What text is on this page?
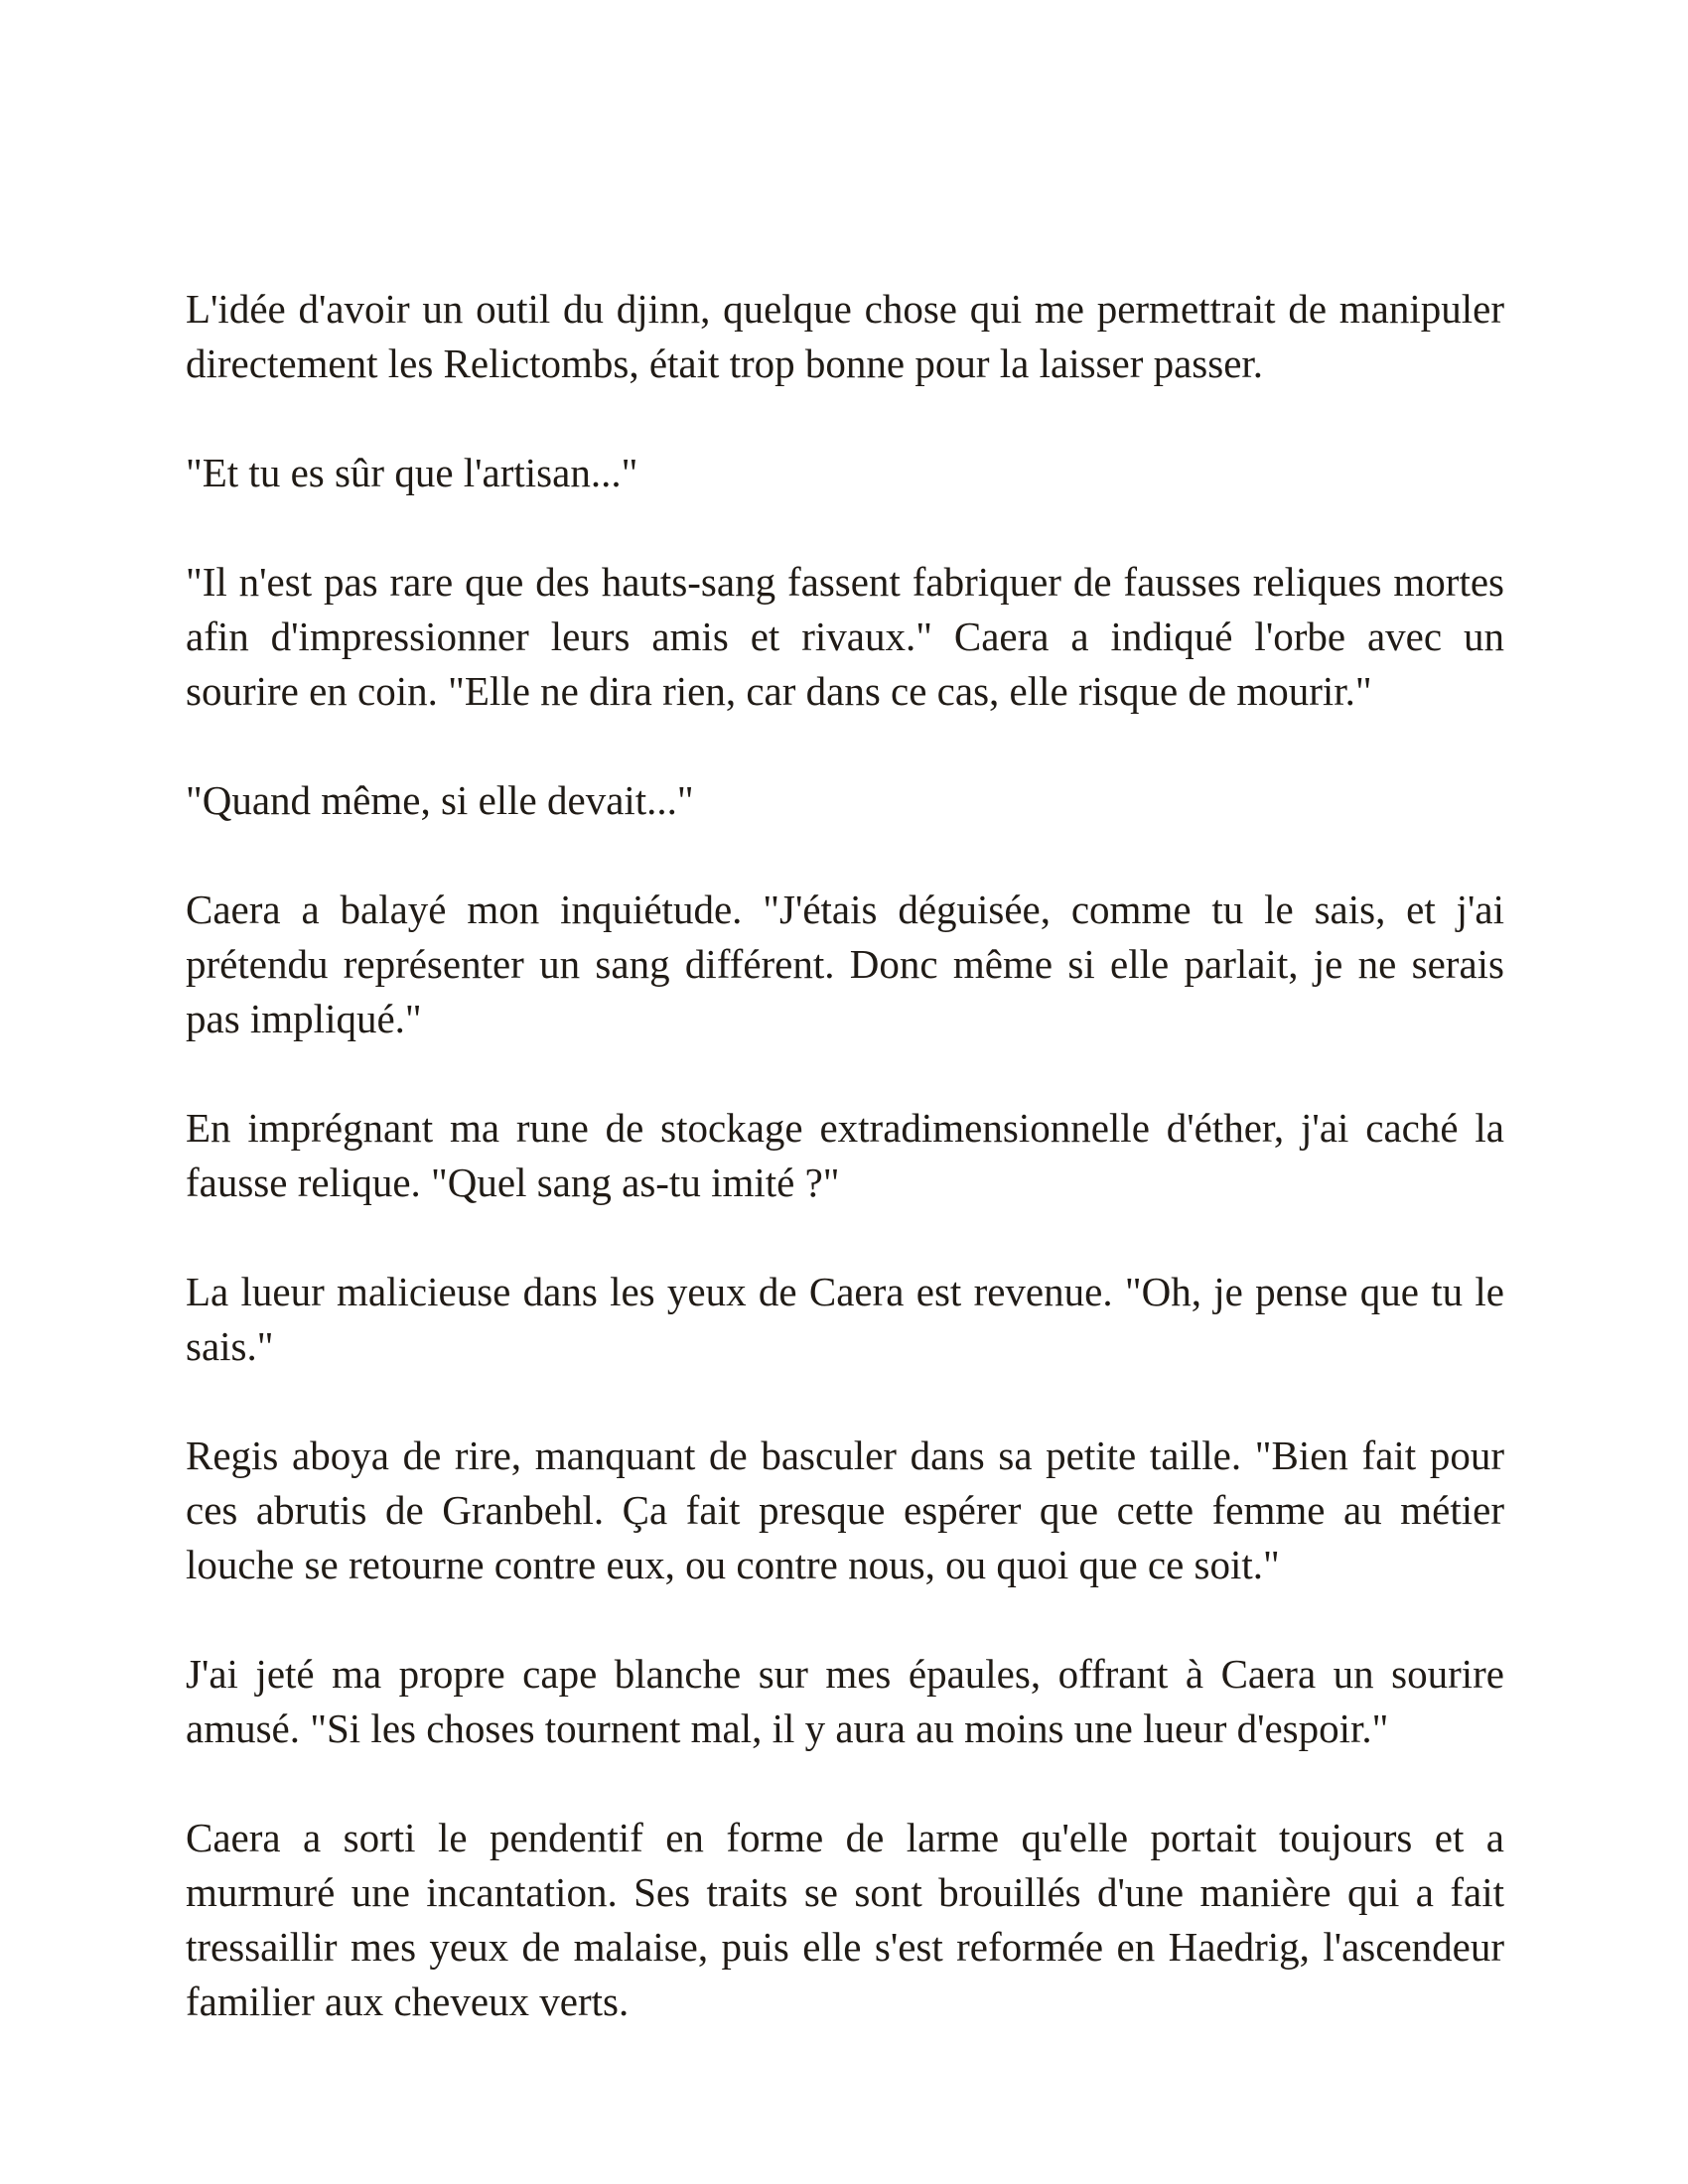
L'idée d'avoir un outil du djinn, quelque chose qui me permettrait de manipuler
directement les Relictombs, était trop bonne pour la laisser passer.
"Et tu es sûr que l'artisan..."
"Il n'est pas rare que des hauts-sang fassent fabriquer de fausses reliques mortes
afin d'impressionner leurs amis et rivaux." Caera a indiqué l'orbe avec un
sourire en coin. "Elle ne dira rien, car dans ce cas, elle risque de mourir."
"Quand même, si elle devait..."
Caera a balayé mon inquiétude. "J'étais déguisée, comme tu le sais, et j'ai
prétendu représenter un sang différent. Donc même si elle parlait, je ne serais
pas impliqué."
En imprégnant ma rune de stockage extradimensionnelle d'éther, j'ai caché la
fausse relique. "Quel sang as-tu imité ?"
La lueur malicieuse dans les yeux de Caera est revenue. "Oh, je pense que tu le
sais."
Regis aboya de rire, manquant de basculer dans sa petite taille. "Bien fait pour
ces abrutis de Granbehl. Ça fait presque espérer que cette femme au métier
louche se retourne contre eux, ou contre nous, ou quoi que ce soit."
J'ai jeté ma propre cape blanche sur mes épaules, offrant à Caera un sourire
amusé. "Si les choses tournent mal, il y aura au moins une lueur d'espoir."
Caera a sorti le pendentif en forme de larme qu'elle portait toujours et a
murmuré une incantation. Ses traits se sont brouillés d'une manière qui a fait
tressaillir mes yeux de malaise, puis elle s'est reformée en Haedrig, l'ascendeur
familier aux cheveux verts.
